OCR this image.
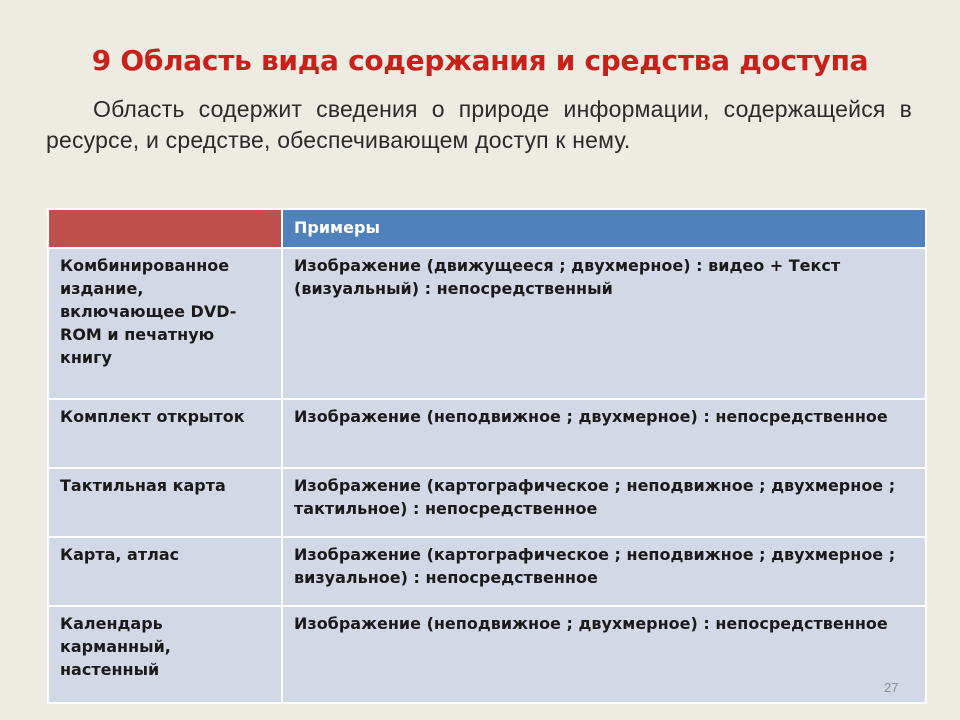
9 Область вида содержания и средства доступа
Область содержит сведения о природе информации, содержащейся в ресурсе, и средстве, обеспечивающем доступ к нему.
	Примеры
Комбинированное издание, включающее DVD-ROM и печатную книгу	Изображение (движущееся ; двухмерное) : видео + Текст (визуальный) : непосредственный
Комплект открыток	Изображение (неподвижное ; двухмерное) : непосредственное
Тактильная карта	Изображение (картографическое ; неподвижное ; двухмерное ; тактильное) : непосредственное
Карта, атлас	Изображение (картографическое ; неподвижное ; двухмерное ; визуальное) : непосредственное
Календарь карманный, настенный	Изображение (неподвижное ; двухмерное) : непосредственное
27
